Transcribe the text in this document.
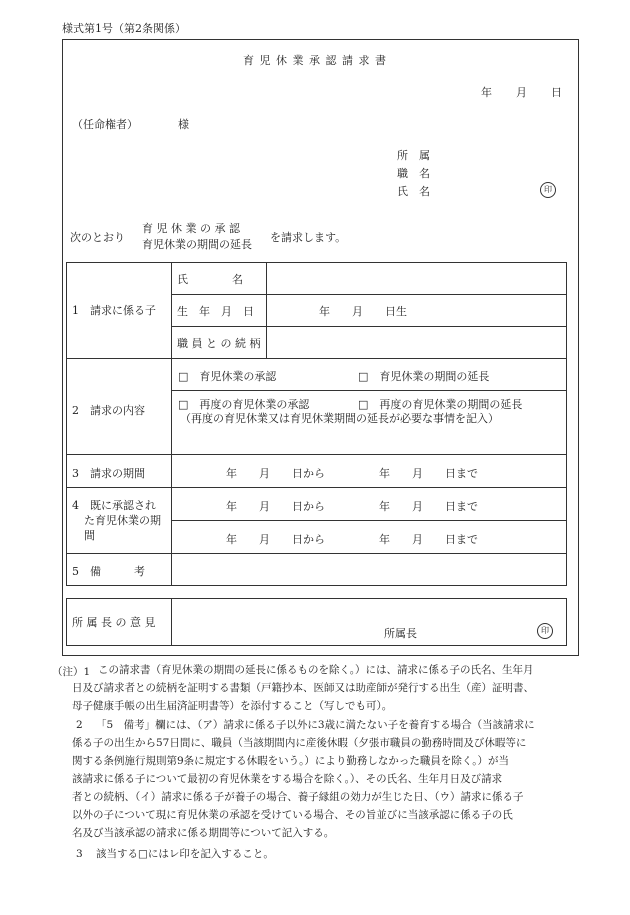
様式第1号（第2条関係）
育 児 休 業 承 認 請 求 書
年 月 日
（任命権者）	様
所　属
職　名
氏　名	印
次のとおり
育 児 休 業 の 承 認
育児休業の期間の延長
を請求します。
1　請求に係る子
氏　　　　名
生　年　月　日	年　　月　　日生
職 員 と の 続 柄
2　請求の内容
□　育児休業の承認	□　育児休業の期間の延長
□　再度の育児休業の承認	□　再度の育児休業の期間の延長
（再度の育児休業又は育児休業期間の延長が必要な事情を記入）
3　請求の期間	年　　月　　日から	年　　月　　日まで
4　既に承認され
た育児休業の期
間
年　　月　　日から	年　　月　　日まで
年　　月　　日から	年　　月　　日まで
5　備　　　考
所 属 長 の 意 見
所属長	印
（注）1 この請求書（育児休業の期間の延長に係るものを除く。）には、請求に係る子の氏名、生年月
日及び請求者との続柄を証明する書類（戸籍抄本、医師又は助産師が発行する出生（産）証明書、
母子健康手帳の出生届済証明書等）を添付すること（写しでも可）。
2 「5　備考」欄には、（ア）請求に係る子以外に3歳に満たない子を養育する場合（当該請求に
係る子の出生から57日間に、職員（当該期間内に産後休暇（夕張市職員の勤務時間及び休暇等に
関する条例施行規則第9条に規定する休暇をいう。）により勤務しなかった職員を除く。）が当
該請求に係る子について最初の育児休業をする場合を除く。）、その氏名、生年月日及び請求
者との続柄、（イ）請求に係る子が養子の場合、養子縁組の効力が生じた日、（ウ）請求に係る子
以外の子について現に育児休業の承認を受けている場合、その旨並びに当該承認に係る子の氏
名及び当該承認の請求に係る期間等について記入する。
3 該当する□にはレ印を記入すること。
